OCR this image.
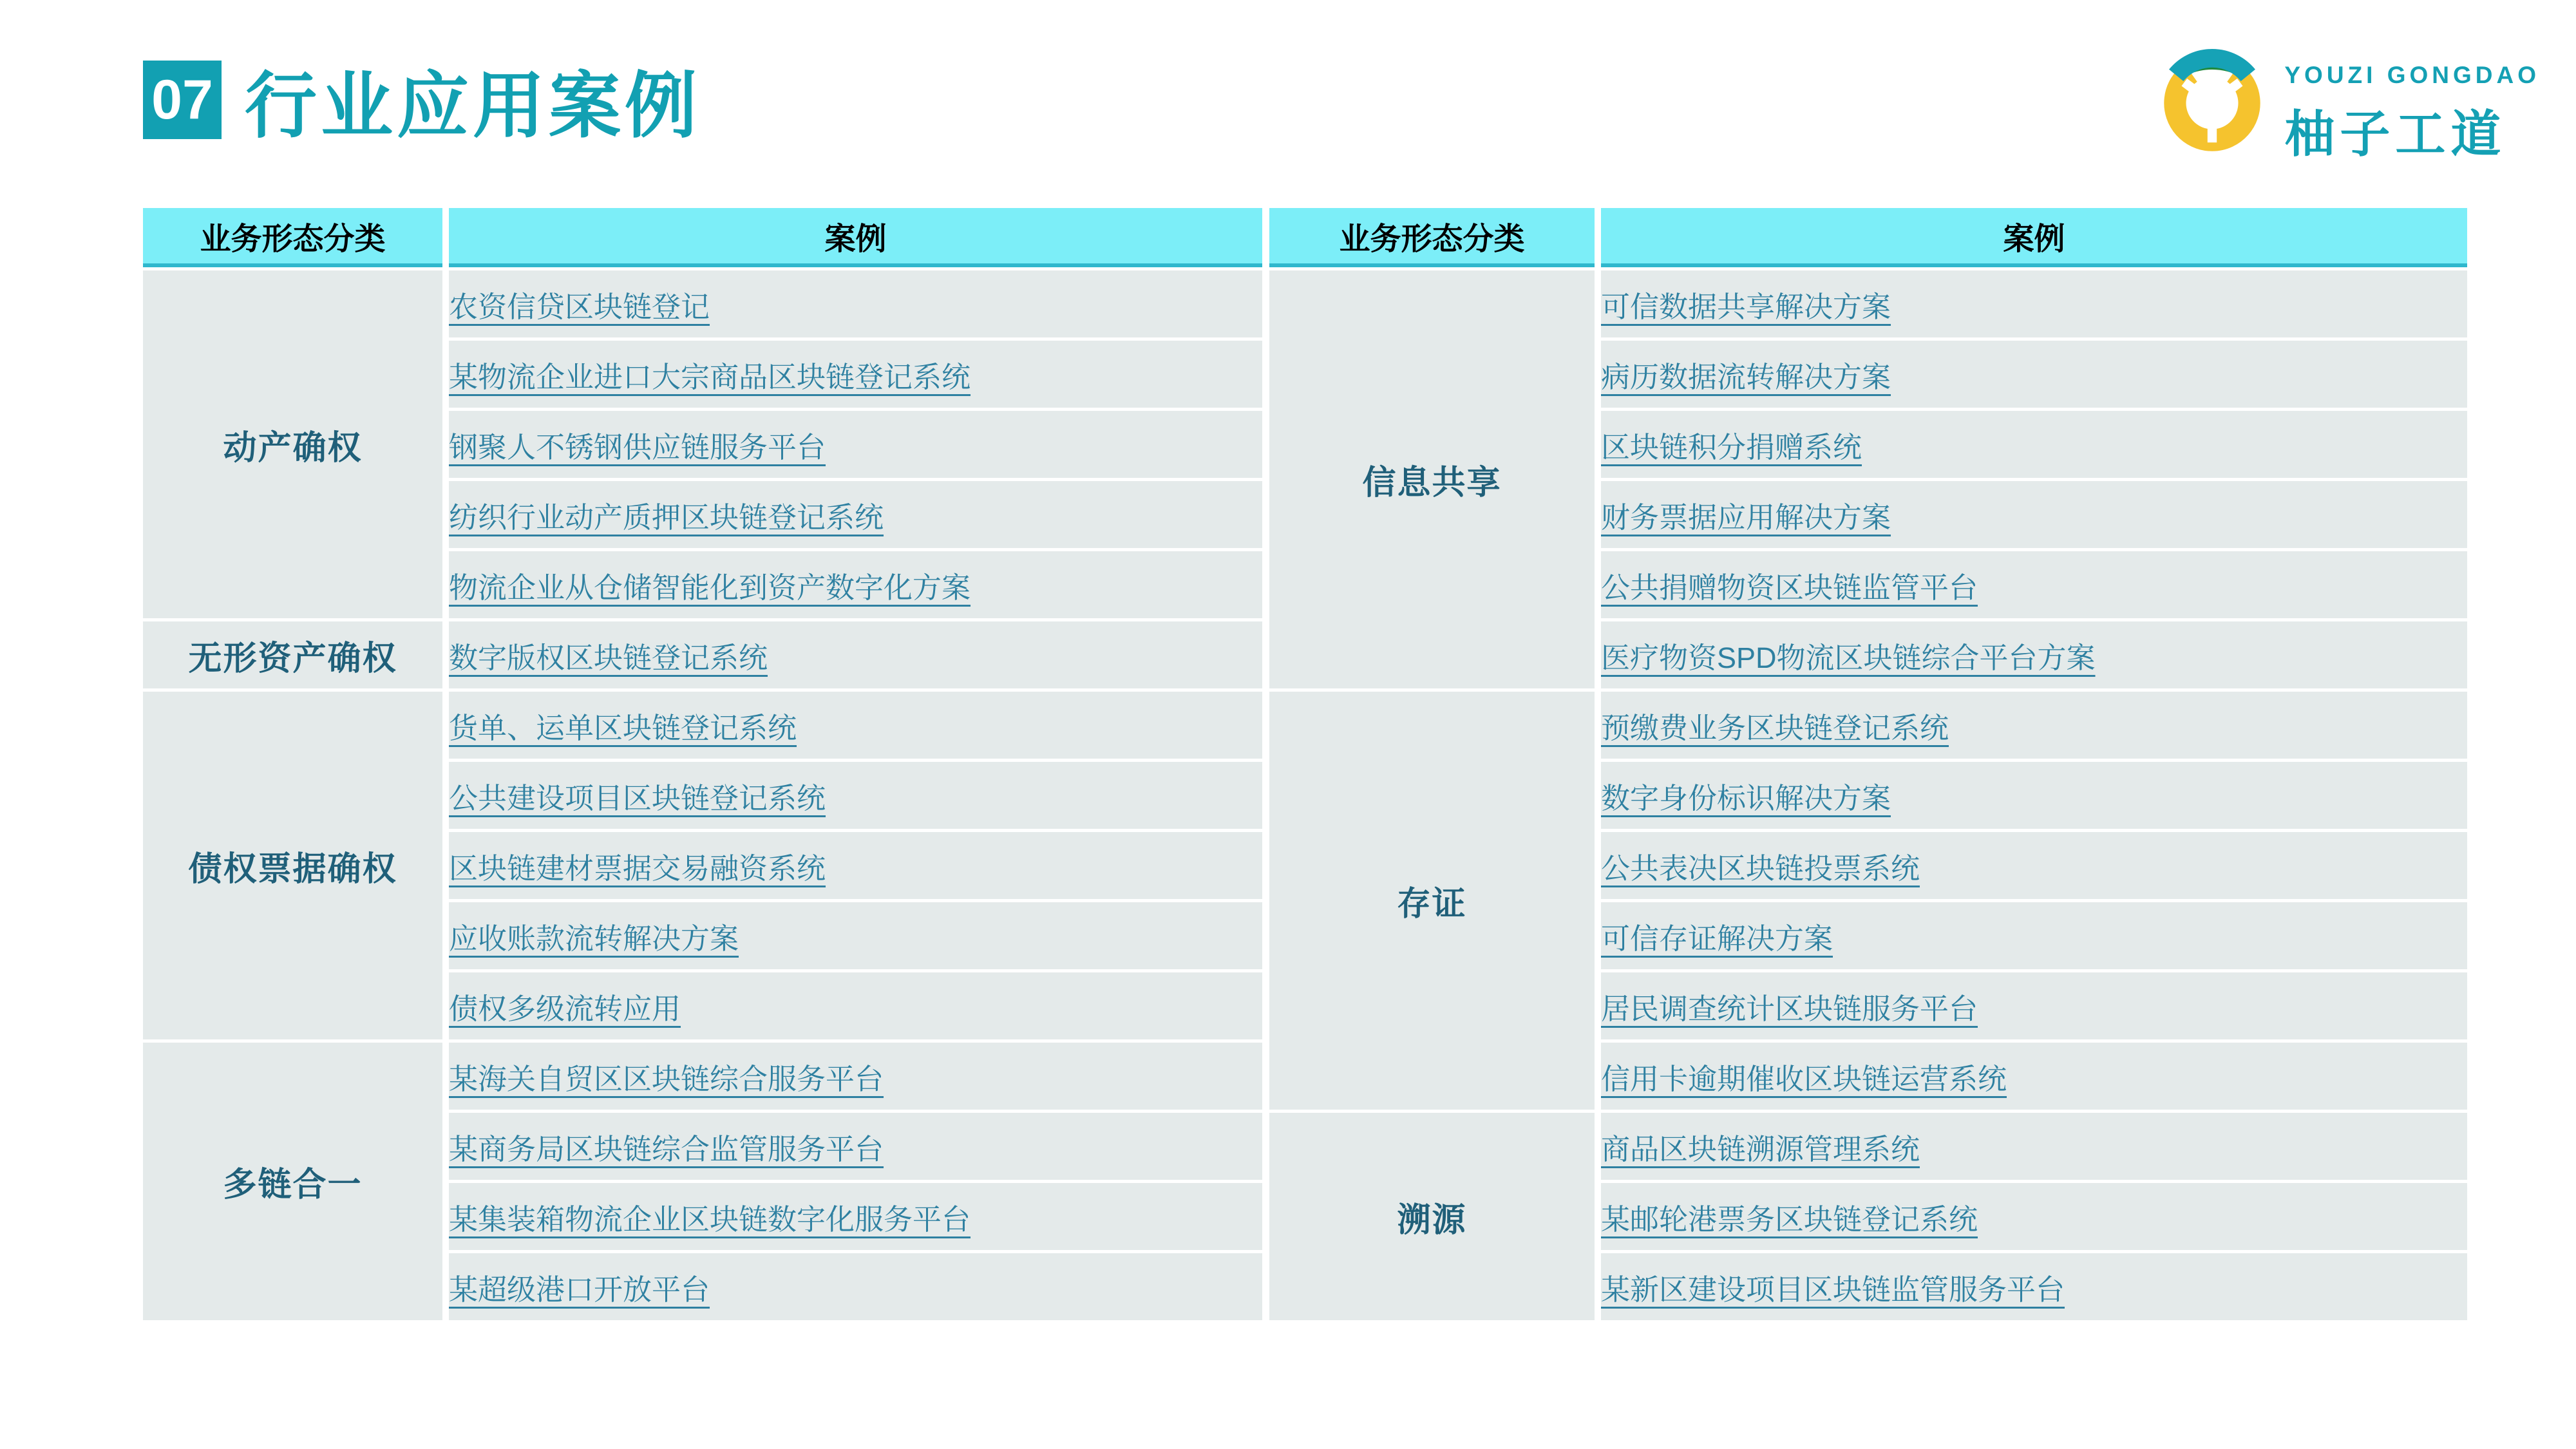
07 行业应用案例	YOUZI GONGDAO
柚子工道
业务形态分类	案例
动产确权	农资信贷区块链登记
	某物流企业进口大宗商品区块链登记系统
	钢聚人不锈钢供应链服务平台
	纺织行业动产质押区块链登记系统
	物流企业从仓储智能化到资产数字化方案
无形资产确权	数字版权区块链登记系统
债权票据确权	货单、运单区块链登记系统
	公共建设项目区块链登记系统
	区块链建材票据交易融资系统
	应收账款流转解决方案
	债权多级流转应用
多链合一	某海关自贸区区块链综合服务平台
	某商务局区块链综合监管服务平台
	某集装箱物流企业区块链数字化服务平台
	某超级港口开放平台
业务形态分类	案例
信息共享	可信数据共享解决方案
	病历数据流转解决方案
	区块链积分捐赠系统
	财务票据应用解决方案
	公共捐赠物资区块链监管平台
	医疗物资SPD物流区块链综合平台方案
存证	预缴费业务区块链登记系统
	数字身份标识解决方案
	公共表决区块链投票系统
	可信存证解决方案
	居民调查统计区块链服务平台
	信用卡逾期催收区块链运营系统
溯源	商品区块链溯源管理系统
	某邮轮港票务区块链登记系统
	某新区建设项目区块链监管服务平台
